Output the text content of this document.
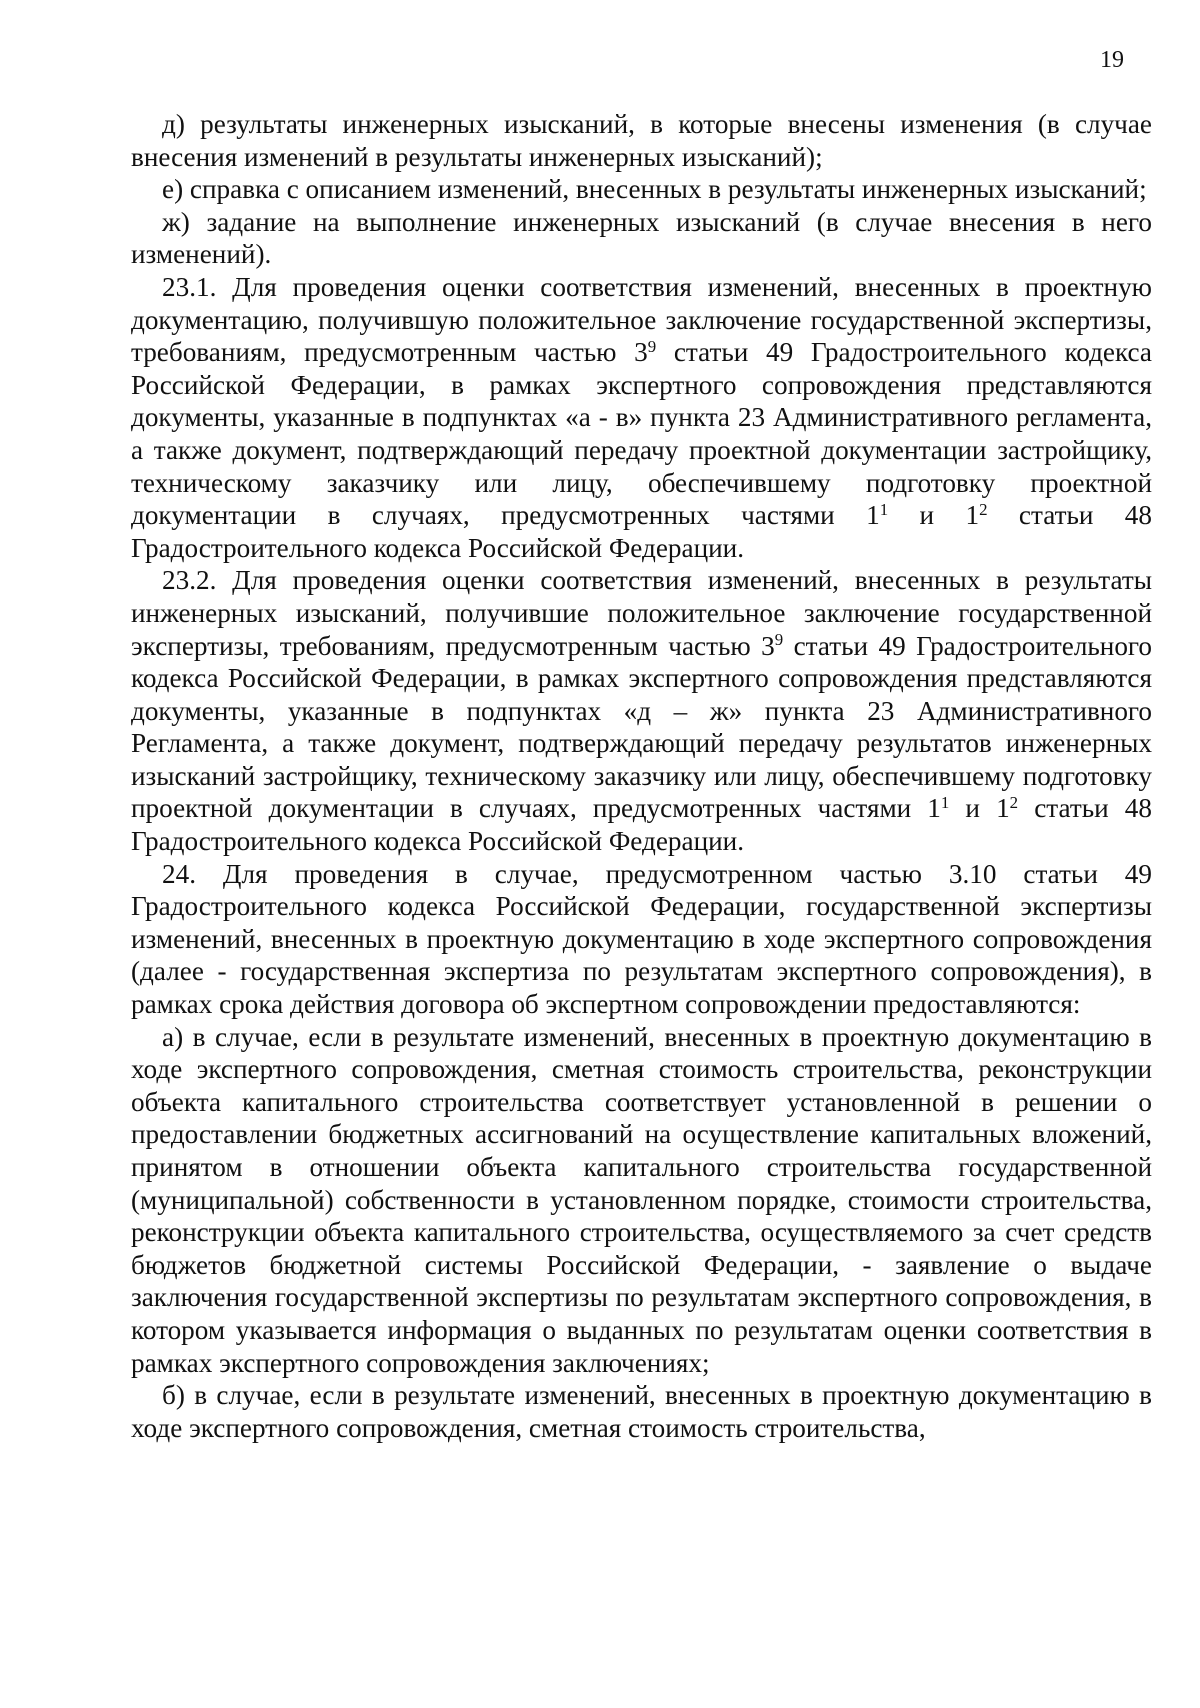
19

д) результаты инженерных изысканий, в которые внесены изменения (в случае внесения изменений в результаты инженерных изысканий);

е) справка с описанием изменений, внесенных в результаты инженерных изысканий;

ж) задание на выполнение инженерных изысканий (в случае внесения в него изменений).

23.1. Для проведения оценки соответствия изменений, внесенных в проектную документацию, получившую положительное заключение государственной экспертизы, требованиям, предусмотренным частью $3^9$ статьи 49 Градостроительного кодекса Российской Федерации, в рамках экспертного сопровождения представляются документы, указанные в подпунктах «а - в» пункта 23 Административного регламента, а также документ, подтверждающий передачу проектной документации застройщику, техническому заказчику или лицу, обеспечившему подготовку проектной документации в случаях, предусмотренных частями $1^1$ и $1^2$ статьи 48 Градостроительного кодекса Российской Федерации.

23.2. Для проведения оценки соответствия изменений, внесенных в результаты инженерных изысканий, получившие положительное заключение государственной экспертизы, требованиям, предусмотренным частью $3^9$ статьи 49 Градостроительного кодекса Российской Федерации, в рамках экспертного сопровождения представляются документы, указанные в подпунктах «д – ж» пункта 23 Административного Регламента, а также документ, подтверждающий передачу результатов инженерных изысканий застройщику, техническому заказчику или лицу, обеспечившему подготовку проектной документации в случаях, предусмотренных частями $1^1$ и $1^2$ статьи 48 Градостроительного кодекса Российской Федерации.

24. Для проведения в случае, предусмотренном частью 3.10 статьи 49 Градостроительного кодекса Российской Федерации, государственной экспертизы изменений, внесенных в проектную документацию в ходе экспертного сопровождения (далее - государственная экспертиза по результатам экспертного сопровождения), в рамках срока действия договора об экспертном сопровождении предоставляются:

а) в случае, если в результате изменений, внесенных в проектную документацию в ходе экспертного сопровождения, сметная стоимость строительства, реконструкции объекта капитального строительства соответствует установленной в решении о предоставлении бюджетных ассигнований на осуществление капитальных вложений, принятом в отношении объекта капитального строительства государственной (муниципальной) собственности в установленном порядке, стоимости строительства, реконструкции объекта капитального строительства, осуществляемого за счет средств бюджетов бюджетной системы Российской Федерации, - заявление о выдаче заключения государственной экспертизы по результатам экспертного сопровождения, в котором указывается информация о выданных по результатам оценки соответствия в рамках экспертного сопровождения заключениях;

б) в случае, если в результате изменений, внесенных в проектную документацию в ходе экспертного сопровождения, сметная стоимость строительства,
